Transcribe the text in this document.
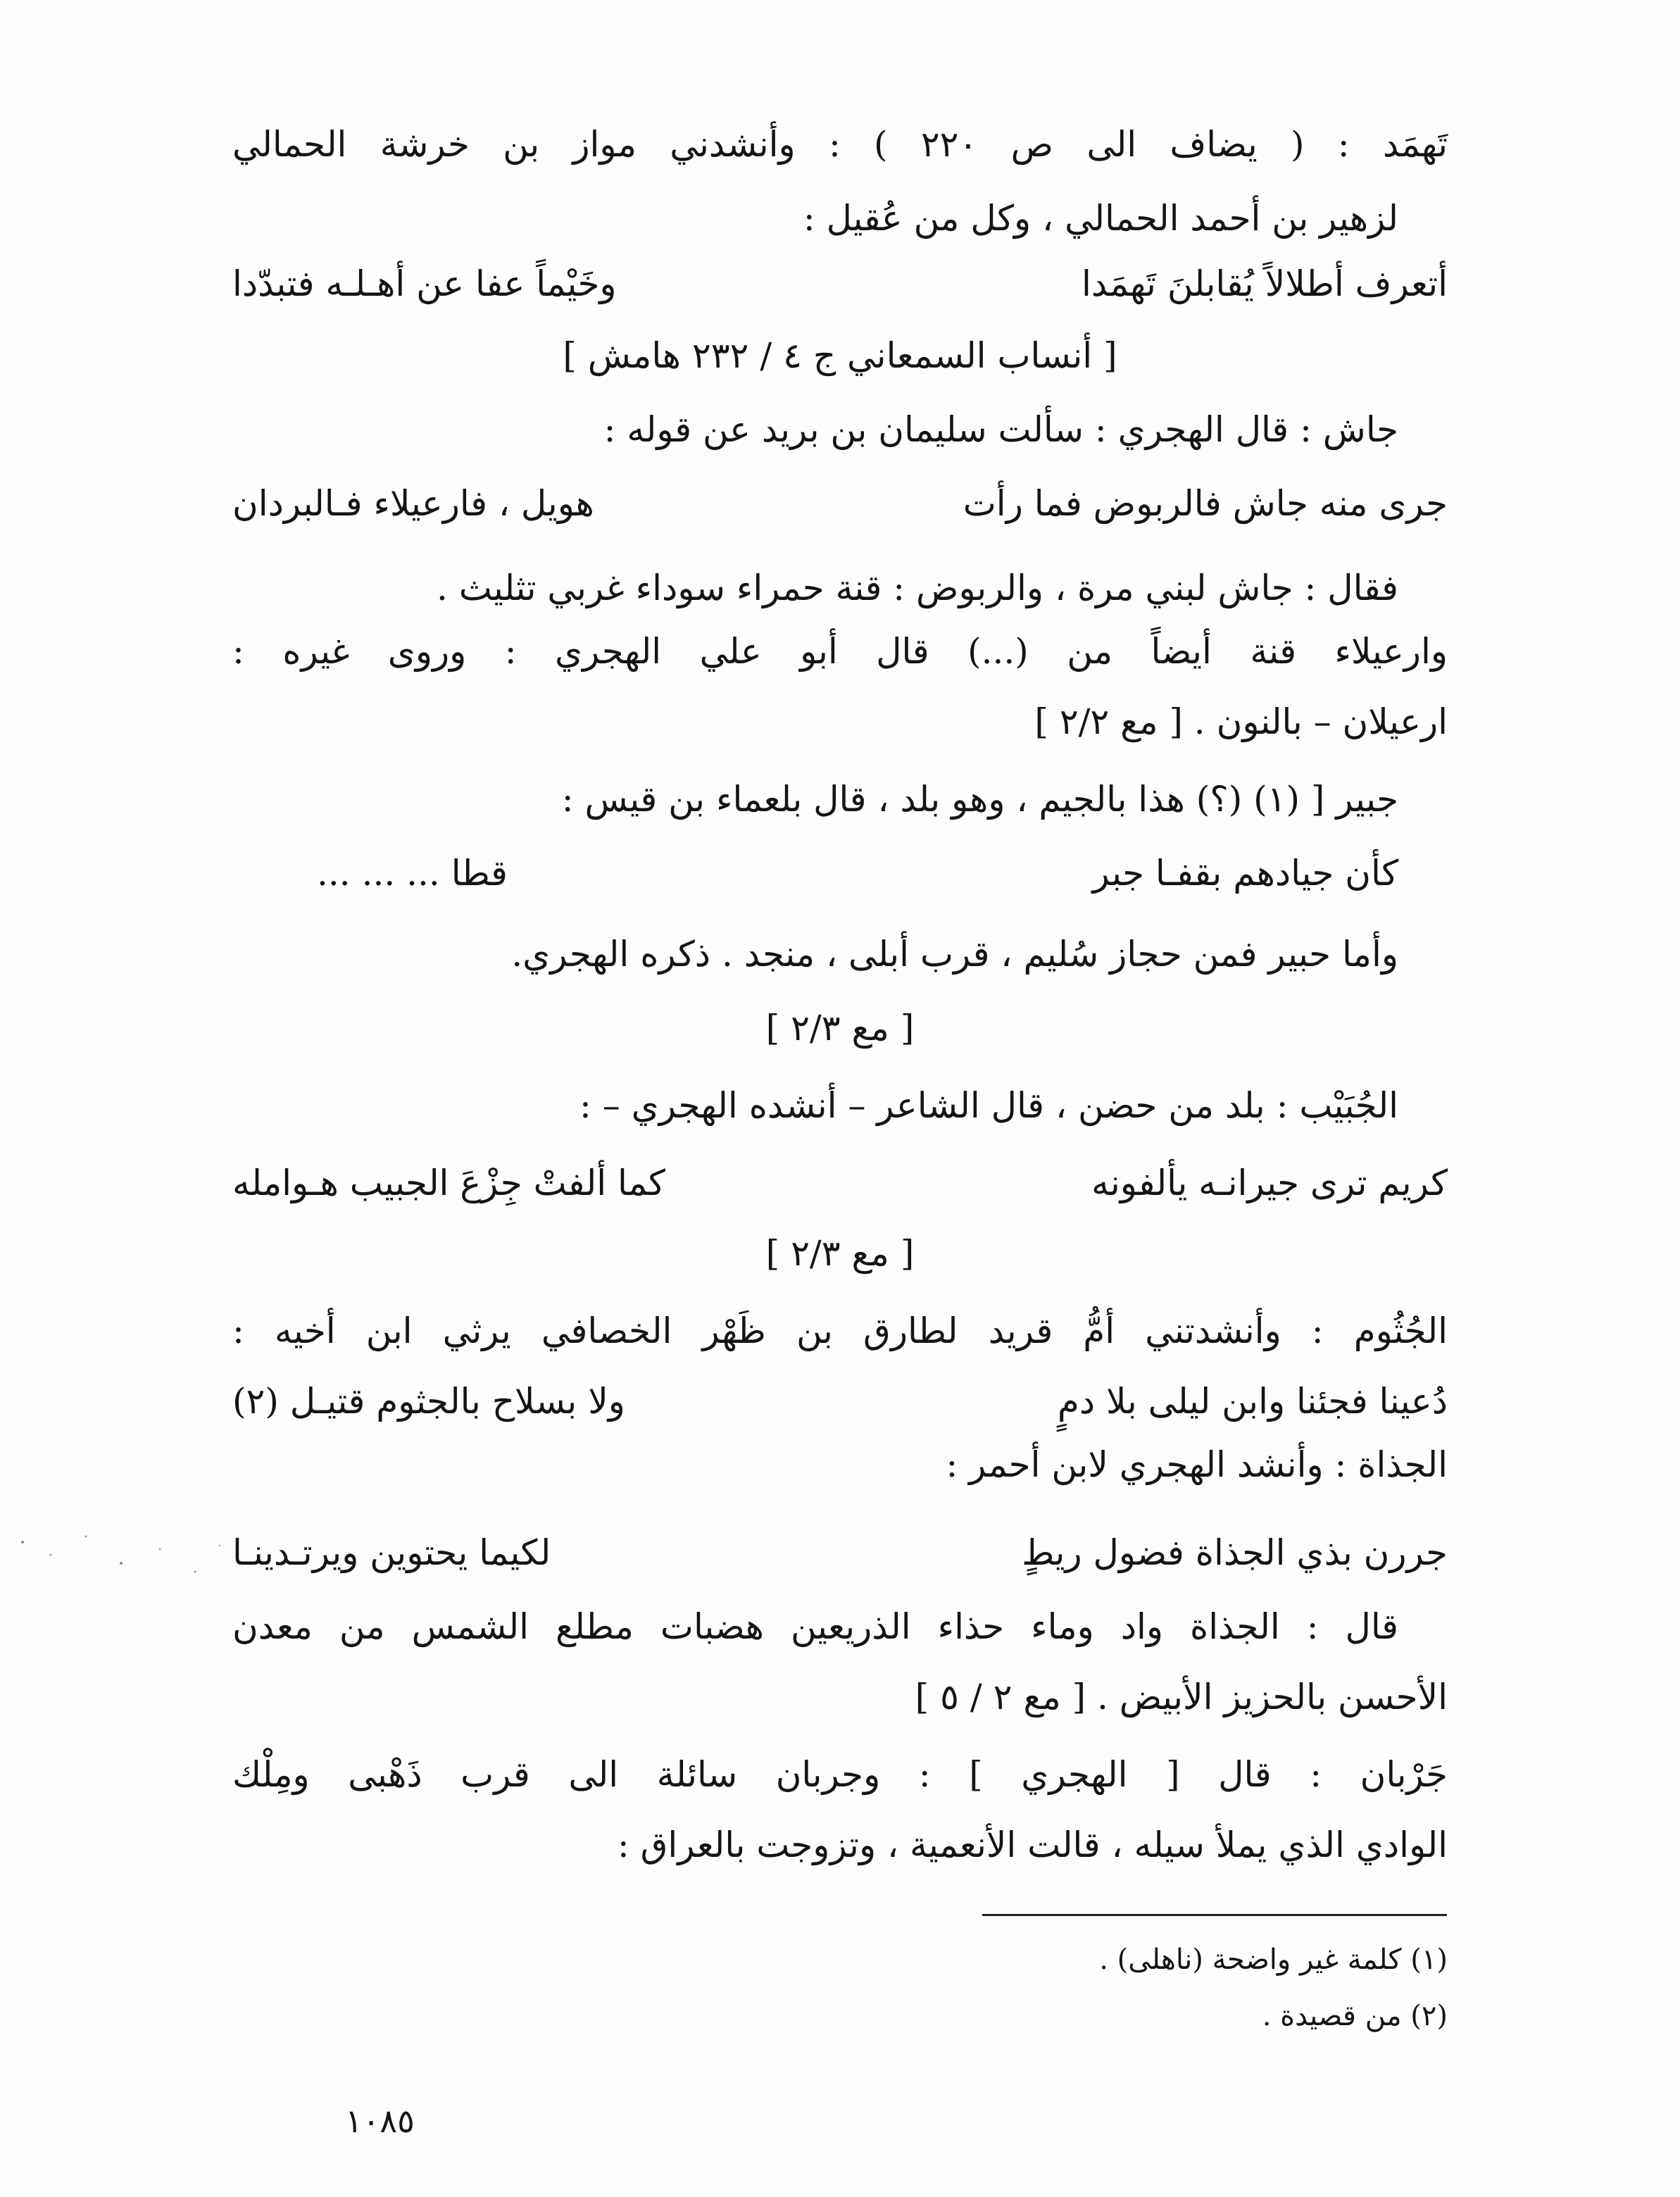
تَهمَد : ( يضاف الى ص ٢٢٠ ) : وأنشدني مواز بن خرشة الحمالي
لزهير بن أحمد الحمالي ، وكل من عُقيل :
أتعرف أطلالاً يُقابلنَ تَهمَدا
وخَيْماً عفا عن أهـلـه فتبدّدا
[ أنساب السمعاني ج ٤ / ٢٣٢ هامش ]
جاش : قال الهجري : سألت سليمان بن بريد عن قوله :
جرى منه جاش فالربوض فما رأت
هويل ، فارعيلاء فـالبردان
فقال : جاش لبني مرة ، والربوض : قنة حمراء سوداء غربي تثليث .
وارعيلاء قنة أيضاً من (...) قال أبو علي الهجري : وروى غيره :
ارعيلان – بالنون . [ مع ٢/٢ ]
جبير [ (١) (؟) هذا بالجيم ، وهو بلد ، قال بلعماء بن قيس :
كأن جيادهم بقفـا جبر
قطا ... ... ...
وأما حبير فمن حجاز سُليم ، قرب أبلى ، منجد . ذكره الهجري.
[ مع ٢/٣ ]
الجُبَيْب : بلد من حضن ، قال الشاعر – أنشده الهجري – :
كريم ترى جيرانـه يألفونه
كما ألفتْ جِزْعَ الجبيب هـوامله
[ مع ٢/٣ ]
الجُثُوم : وأنشدتني أمُّ قريد لطارق بن ظَهْر الخصافي يرثي ابن أخيه :
دُعينا فجئنا وابن ليلى بلا دمٍ
ولا بسلاح بالجثوم قتيـل (٢)
الجذاة : وأنشد الهجري لابن أحمر :
جررن بذي الجذاة فضول ريطٍ
لكيما يحتوين ويرتـدينـا
قال : الجذاة واد وماء حذاء الذريعين هضبات مطلع الشمس من معدن
الأحسن بالحزيز الأبيض . [ مع ٢ / ٥ ]
جَرْبان : قال [ الهجري ] : وجربان سائلة الى قرب ذَهْبى ومِلْك
الوادي الذي يملأ سيله ، قالت الأنعمية ، وتزوجت بالعراق :
(١) كلمة غير واضحة (ناهلى) .
(٢) من قصيدة .
١٠٨٥
